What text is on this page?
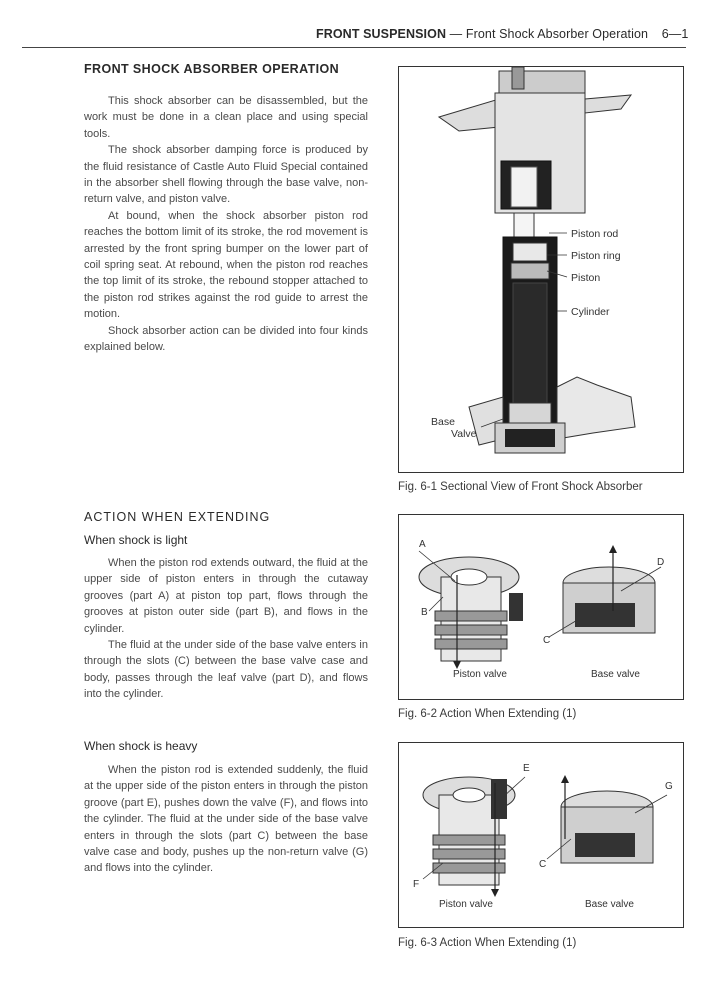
FRONT SUSPENSION — Front Shock Absorber Operation 6—1
FRONT SHOCK ABSORBER OPERATION

This shock absorber can be disassembled, but the work must be done in a clean place and using special tools.

The shock absorber damping force is produced by the fluid resistance of Castle Auto Fluid Special contained in the absorber shell flowing through the base valve, non-return valve, and piston valve.

At bound, when the shock absorber piston rod reaches the bottom limit of its stroke, the rod movement is arrested by the front spring bumper on the lower part of coil spring seat. At rebound, when the piston rod reaches the top limit of its stroke, the rebound stopper attached to the piston rod strikes against the rod guide to arrest the motion.

Shock absorber action can be divided into four kinds explained below.

ACTION WHEN EXTENDING
When shock is light

When the piston rod extends outward, the fluid at the upper side of piston enters in through the cutaway grooves (part A) at piston top part, flows through the grooves at piston outer side (part B), and flows in the cylinder.

The fluid at the under side of the base valve enters in through the slots (C) between the base valve case and body, passes through the leaf valve (part D), and flows into the cylinder.

When shock is heavy

When the piston rod is extended suddenly, the fluid at the upper side of the piston enters in through the piston groove (part E), pushes down the valve (F), and flows into the cylinder. The fluid at the under side of the base valve enters in through the slots (part C) between the base valve case and body, pushes up the non-return valve (G) and flows into the cylinder.

Piston rod
Piston ring
Piston
Cylinder
Base
Valve
Fig. 6-1 Sectional View of Front Shock Absorber
A
B
C
D
Piston valve	Base valve
Fig. 6-2 Action When Extending (1)
E
F
C
G
Piston valve	Base valve
Fig. 6-3 Action When Extending (1)
